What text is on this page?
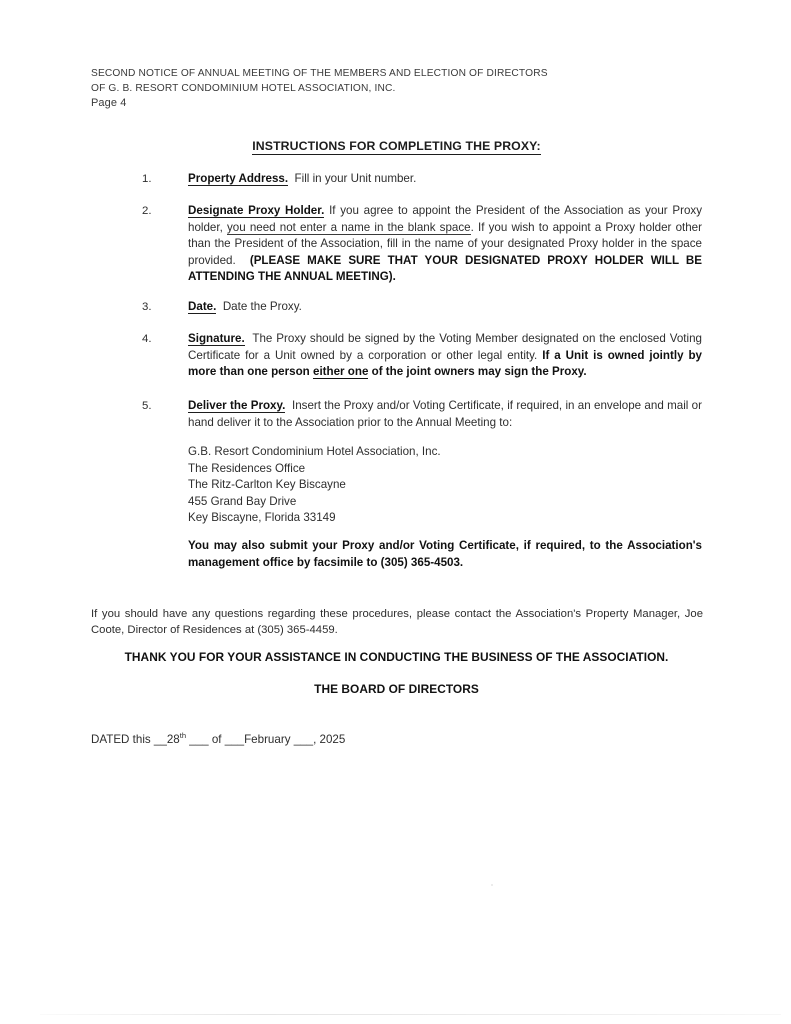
SECOND NOTICE OF ANNUAL MEETING OF THE MEMBERS AND ELECTION OF DIRECTORS
OF G. B. RESORT CONDOMINIUM HOTEL ASSOCIATION, INC.
Page 4
INSTRUCTIONS FOR COMPLETING THE PROXY:
1.	Property Address. Fill in your Unit number.
2.	Designate Proxy Holder. If you agree to appoint the President of the Association as your Proxy holder, you need not enter a name in the blank space. If you wish to appoint a Proxy holder other than the President of the Association, fill in the name of your designated Proxy holder in the space provided. (PLEASE MAKE SURE THAT YOUR DESIGNATED PROXY HOLDER WILL BE ATTENDING THE ANNUAL MEETING).
3.	Date. Date the Proxy.
4.	Signature. The Proxy should be signed by the Voting Member designated on the enclosed Voting Certificate for a Unit owned by a corporation or other legal entity. If a Unit is owned jointly by more than one person either one of the joint owners may sign the Proxy.
5.	Deliver the Proxy. Insert the Proxy and/or Voting Certificate, if required, in an envelope and mail or hand deliver it to the Association prior to the Annual Meeting to:
G.B. Resort Condominium Hotel Association, Inc.
The Residences Office
The Ritz-Carlton Key Biscayne
455 Grand Bay Drive
Key Biscayne, Florida 33149
You may also submit your Proxy and/or Voting Certificate, if required, to the Association's management office by facsimile to (305) 365-4503.
If you should have any questions regarding these procedures, please contact the Association's Property Manager, Joe Coote, Director of Residences at (305) 365-4459.
THANK YOU FOR YOUR ASSISTANCE IN CONDUCTING THE BUSINESS OF THE ASSOCIATION.
THE BOARD OF DIRECTORS
DATED this __28th ___ of ___February ___, 2025
